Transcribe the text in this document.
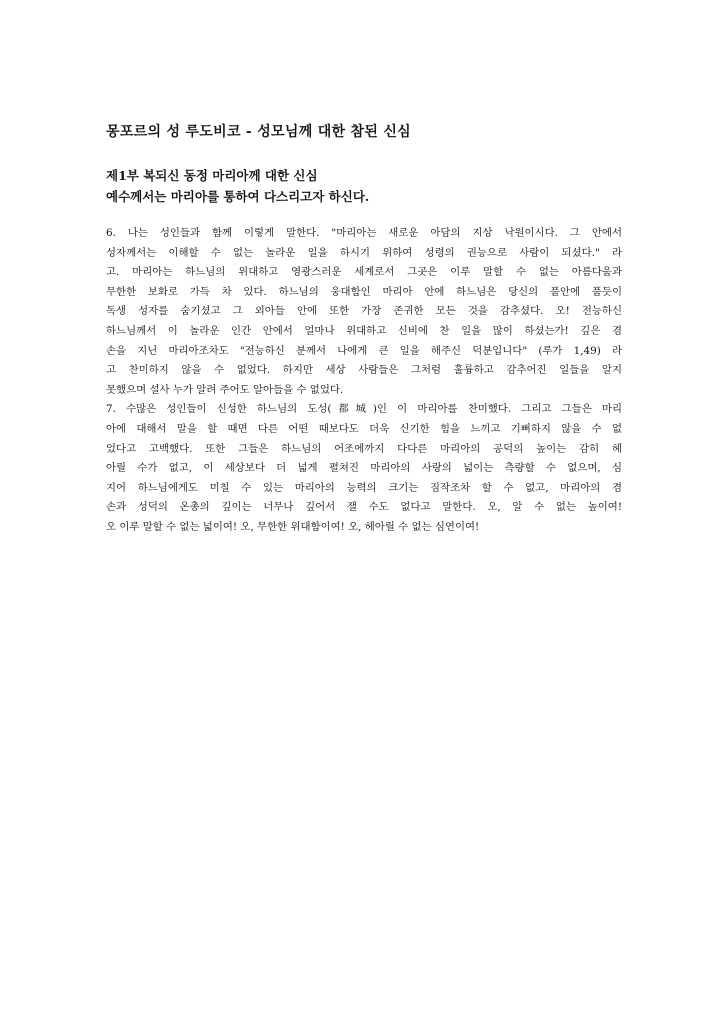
몽포르의 성 루도비코 - 성모님께 대한 참된 신심
제1부 복되신 동정 마리아께 대한 신심
예수께서는 마리아를 통하여 다스리고자 하신다.

6. 나는 성인들과 함께 이렇게 말한다. "마리아는 새로운 아담의 지상 낙원이시다. 그 안에서
성자께서는 이해할 수 없는 놀라운 일을 하시기 위하여 성령의 권능으로 사람이 되셨다." 라
고. 마리아는 하느님의 위대하고 영광스러운 세계로서 그곳은 이루 말할 수 없는 아름다움과
무한한 보화로 가득 차 있다. 하느님의 웅대함인 마리아 안에 하느님은 당신의 품안에 품듯이
독생 성자를 숨기셨고 그 외아들 안에 또한 가장 존귀한 모든 것을 감추셨다. 오! 전능하신
하느님께서 이 놀라운 인간 안에서 얼마나 위대하고 신비에 찬 일을 많이 하셨는가! 깊은 겸
손을 지닌 마리아조차도 "전능하신 분께서 나에게 큰 일을 해주신 덕분입니다" (루가 1,49) 라
고 찬미하지 않을 수 없었다. 하지만 세상 사람들은 그처럼 훌륭하고 감추어진 일들을 알지
못했으며 설사 누가 알려 주어도 알아들을 수 없었다.

7. 수많은 성인들이 신성한 하느님의 도성(都城)인 이 마리아를 찬미했다. 그리고 그들은 마리
아에 대해서 말을 할 때면 다른 어떤 때보다도 더욱 신기한 힘을 느끼고 기뻐하지 않을 수 없
었다고 고백했다. 또한 그들은 하느님의 어조에까지 다다른 마리아의 공덕의 높이는 감히 헤
아릴 수가 없고, 이 세상보다 더 넓게 펼쳐진 마리아의 사랑의 넓이는 측량할 수 없으며, 심
지어 하느님에게도 미칠 수 있는 마리아의 능력의 크기는 짐작조차 할 수 없고, 마리아의 겸
손과 성덕의 온총의 깊이는 너무나 깊어서 잴 수도 없다고 말한다. 오, 알 수 없는 높이여!
오 이루 말할 수 없는 넓이여! 오, 무한한 위대함이여! 오, 헤아릴 수 없는 심연이여!
